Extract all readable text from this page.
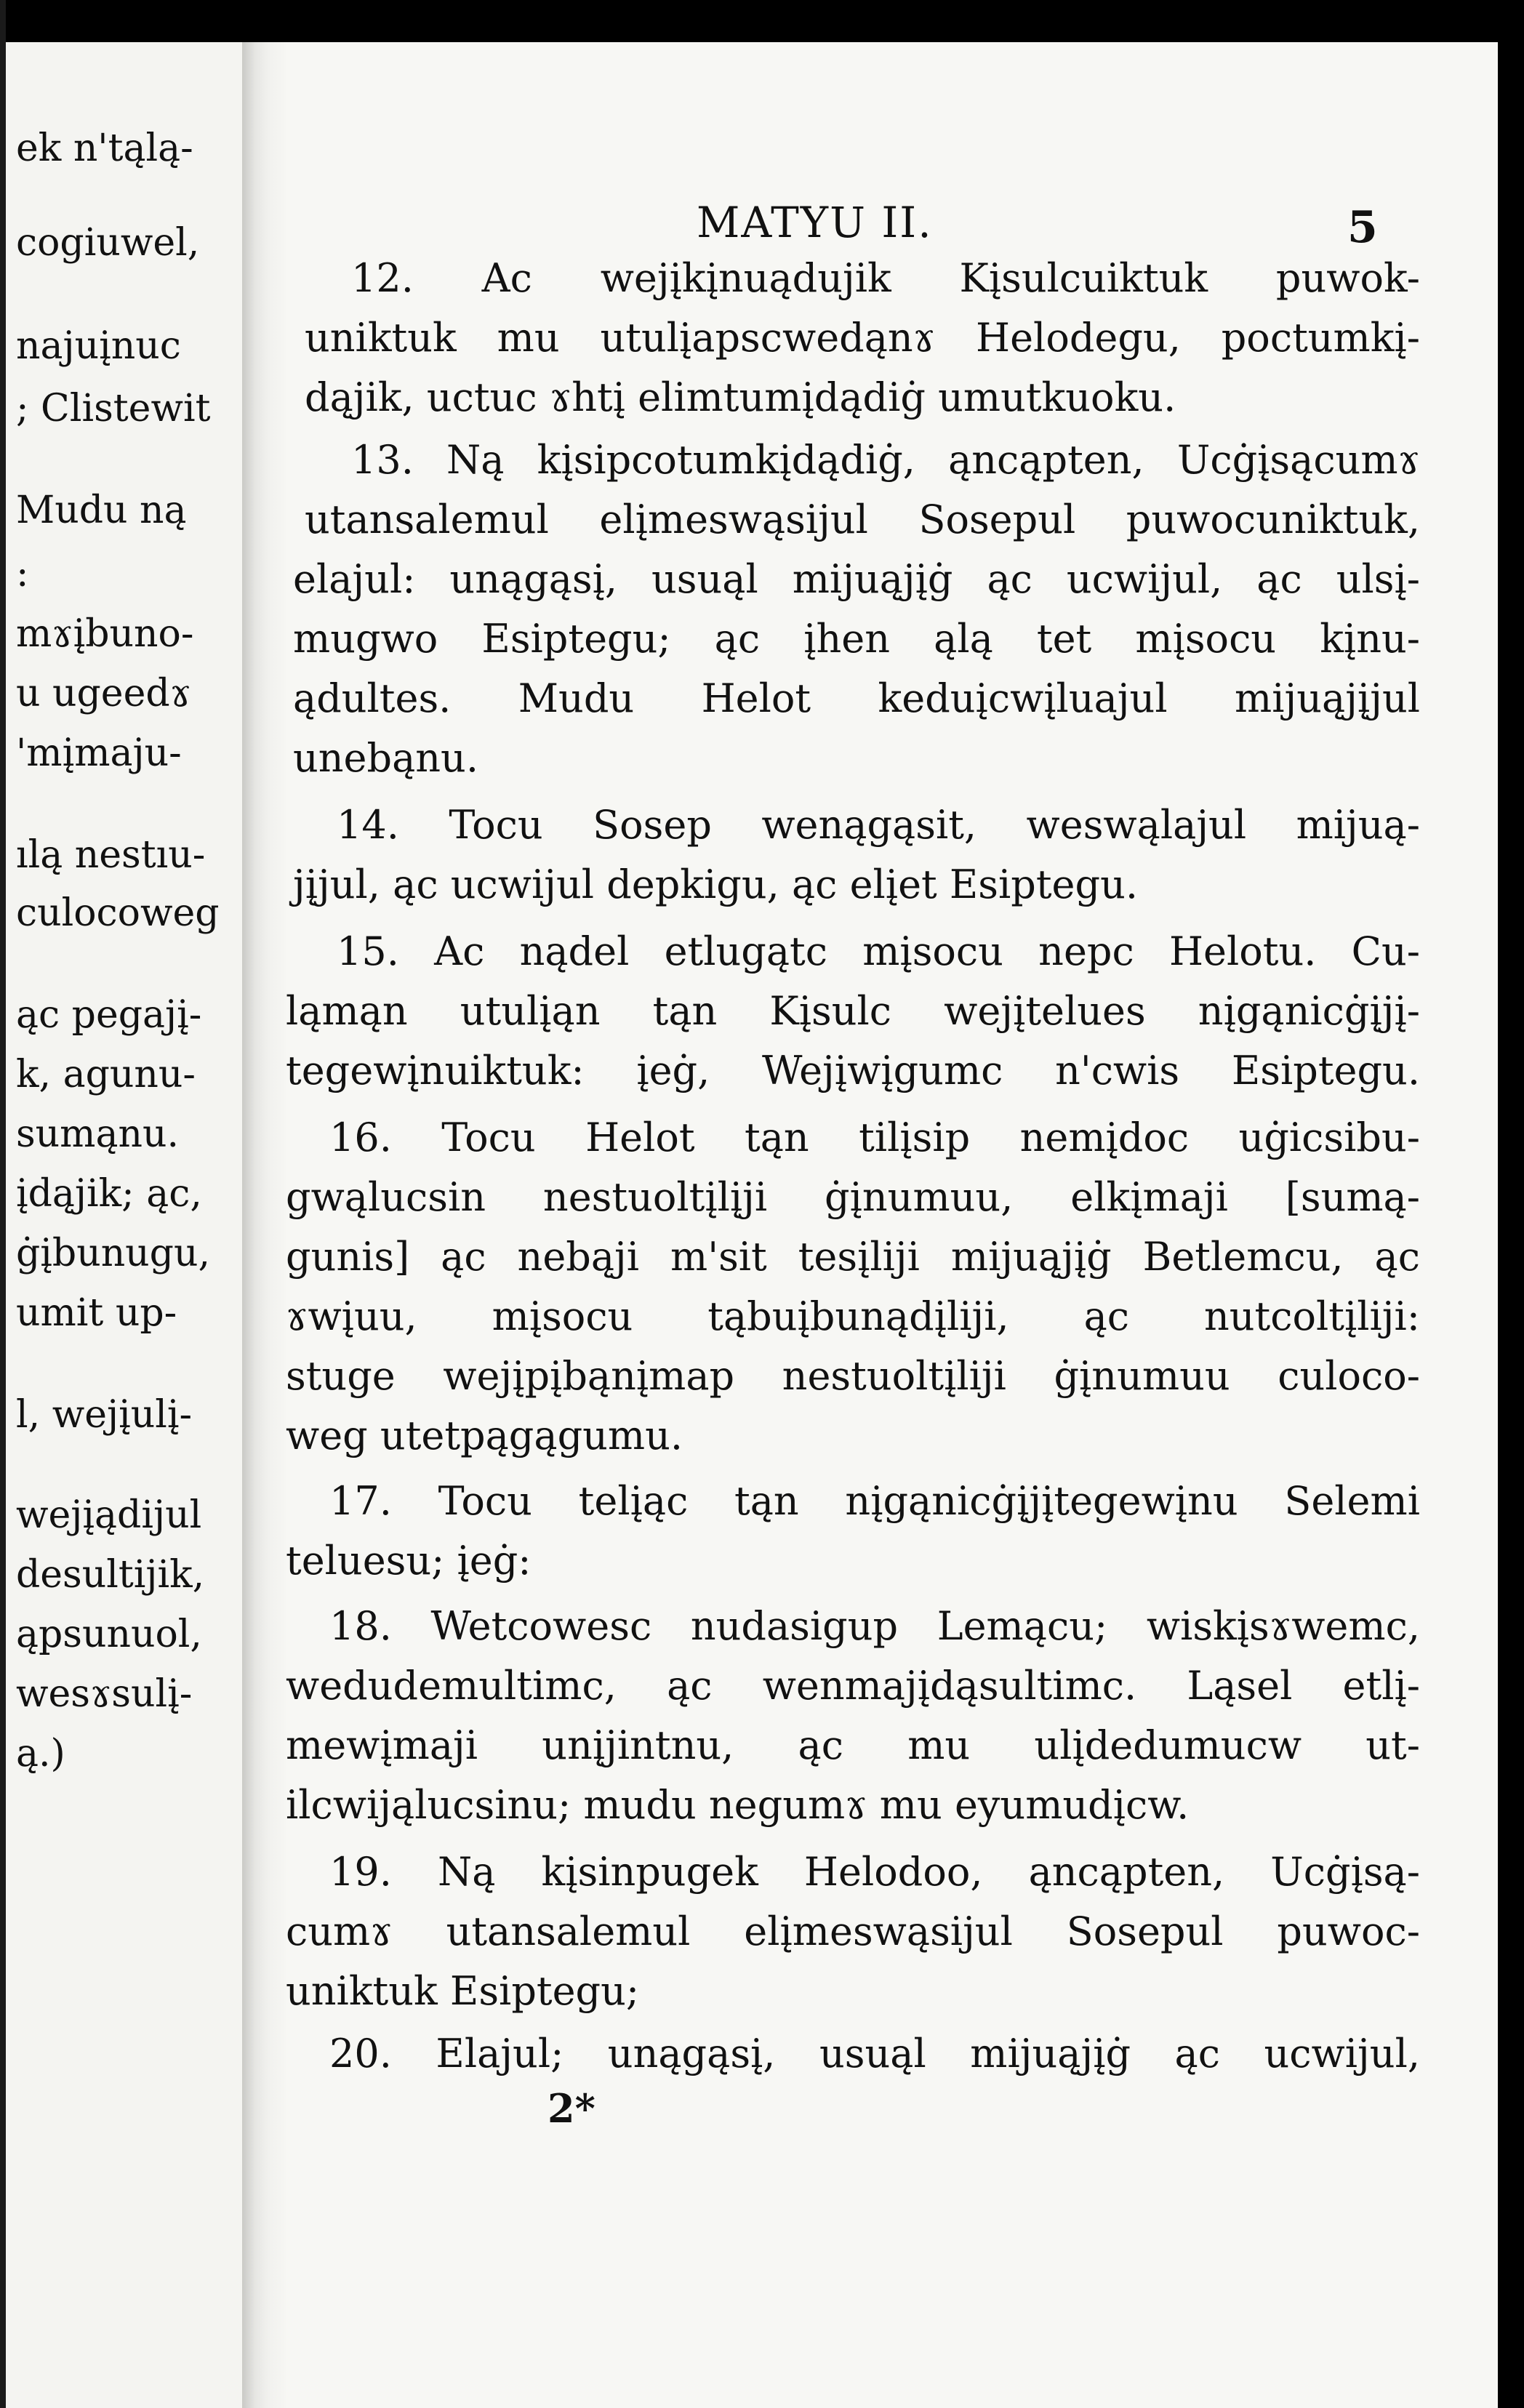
ek n'tąlą-
cogiuwel,
najuįnuc
; Clistewit
Mudu ną
:
mɤįbuno-
u ugeedɤ
'mįmaju-
ılą nestıu-
culocoweg
ąc pegajį-
k, agunu-
sumąnu.
įdąjik; ąc,
ġįbunugu,
umit up-
l, wejįulį-
wejįądijul
desultijik,
ąpsunuol,
wesɤsulį-
ą.)
MATYU II.	5
12. Ac wejįkįnuądujik Kįsulcuiktuk puwok-
uniktuk mu utulįapscwedąnɤ Helodegu, poctumkį-
dąjik, uctuc ɤhtį elimtumįdądiġ umutkuoku.
13. Ną kįsipcotumkįdądiġ, ąncąpten, Ucġįsącumɤ
utansalemul elįmeswąsijul Sosepul puwocuniktuk,
elajul: unągąsį, usuąl mijuąjįġ ąc ucwijul, ąc ulsį-
mugwo Esiptegu; ąc įhen ąlą tet mįsocu kįnu-
ądultes. Mudu Helot keduįcwįluajul mijuąjįjul
unebąnu.
14. Tocu Sosep wenągąsit, weswąlajul mijuą-
jįjul, ąc ucwijul depkigu, ąc elįet Esiptegu.
15. Ac nądel etlugątc mįsocu nepc Helotu. Cu-
ląmąn utulįąn tąn Kįsulc wejįtelues nįgąnicġįjį-
tegewįnuiktuk: įeġ, Wejįwįgumc n'cwis Esiptegu.
16. Tocu Helot tąn tilįsip nemįdoc uġicsibu-
gwąlucsin nestuoltįlįji ġįnumuu, elkįmaji [sumą-
gunis] ąc nebąji m'sit tesįliji mijuąjįġ Betlemcu, ąc
ɤwįuu, mįsocu tąbuįbunądįliji, ąc nutcoltįliji:
stuge wejįpįbąnįmap nestuoltįliji ġįnumuu culoco-
weg utetpągągumu.
17. Tocu telįąc tąn nįgąnicġįjįtegewįnu Selemi
teluesu; įeġ:
18. Wetcowesc nudasigup Lemącu; wiskįsɤwemc,
wedudemultimc, ąc wenmajįdąsultimc. Ląsel etlį-
mewįmaji unįjintnu, ąc mu ulįdedumucw ut-
ilcwijąlucsinu; mudu negumɤ mu eyumudįcw.
19. Ną kįsinpugek Helodoo, ąncąpten, Ucġįsą-
cumɤ utansalemul elįmeswąsijul Sosepul puwoc-
uniktuk Esiptegu;
20. Elajul; unągąsį, usuąl mijuąjįġ ąc ucwijul,
2*
